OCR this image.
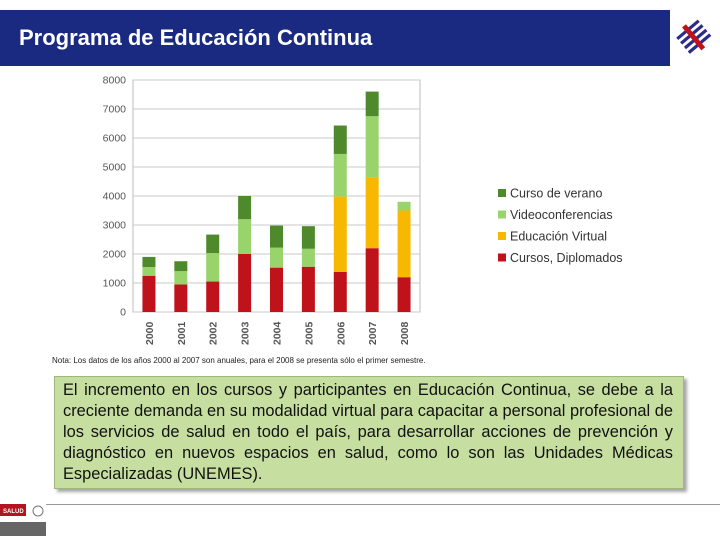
Programa de Educación Continua
0
1000
2000
3000
4000
5000
6000
7000
8000
2000 2001 2002 2003 2004 2005 2006 2007 2008
Curso de verano
Videoconferencias
Educación Virtual
Cursos, Diplomados
Nota: Los datos de los años 2000 al 2007 son anuales, para el 2008 se presenta sólo el primer semestre.
El incremento en los cursos y participantes en Educación Continua, se debe a la creciente demanda en su modalidad virtual para capacitar a personal profesional de los servicios de salud en todo el país, para desarrollar acciones de prevención y diagnóstico en nuevos espacios en salud, como lo son las Unidades Médicas Especializadas (UNEMES).
SALUD
